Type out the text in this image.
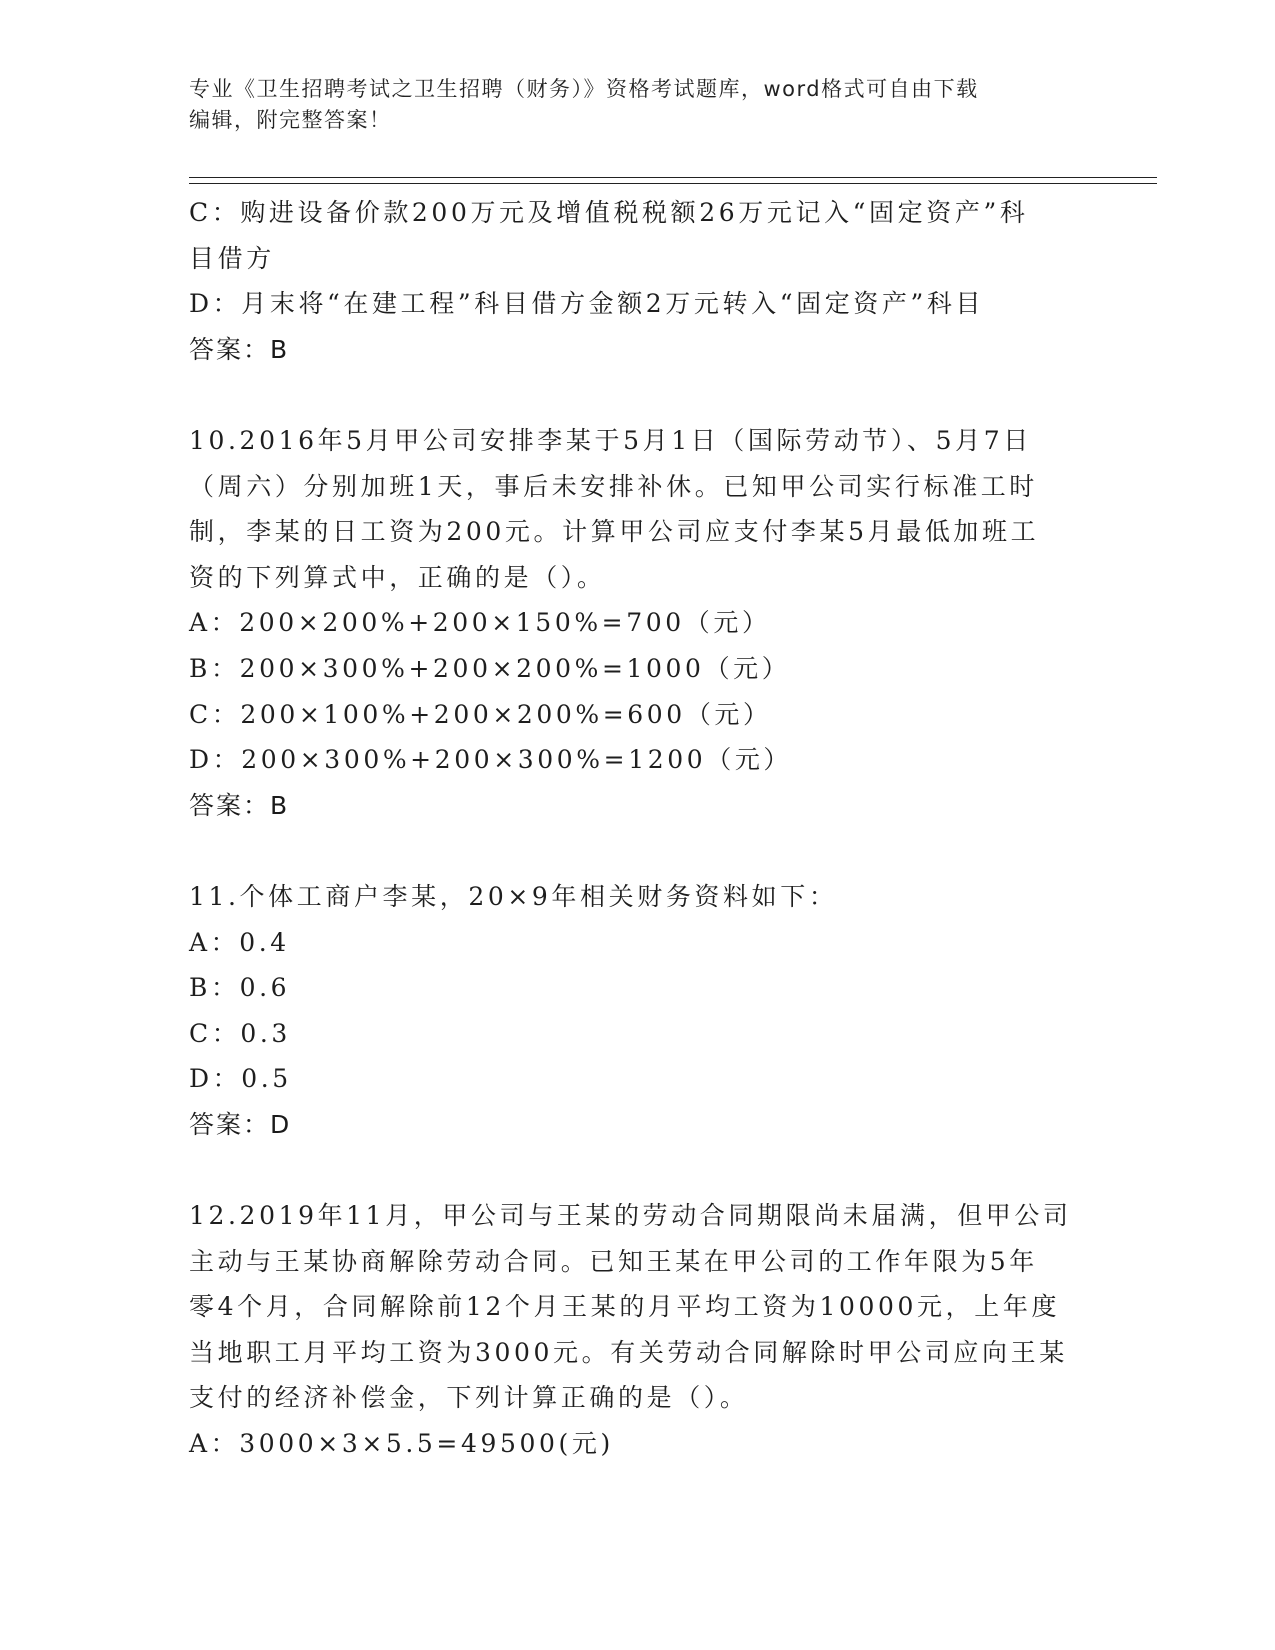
专业《卫生招聘考试之卫生招聘（财务）》资格考试题库，word格式可自由下载
编辑，附完整答案！
C：购进设备价款200万元及增值税税额26万元记入“固定资产”科
目借方
D：月末将“在建工程”科目借方金额2万元转入“固定资产”科目
答案：B
10.2016年5月甲公司安排李某于5月1日（国际劳动节）、5月7日
（周六）分别加班1天，事后未安排补休。已知甲公司实行标准工时
制，李某的日工资为200元。计算甲公司应支付李某5月最低加班工
资的下列算式中，正确的是（）。
A：200×200%+200×150%=700（元）
B：200×300%+200×200%=1000（元）
C：200×100%+200×200%=600（元）
D：200×300%+200×300%=1200（元）
答案：B
11.个体工商户李某，20×9年相关财务资料如下：
A：0.4
B：0.6
C：0.3
D：0.5
答案：D
12.2019年11月，甲公司与王某的劳动合同期限尚未届满，但甲公司
主动与王某协商解除劳动合同。已知王某在甲公司的工作年限为5年
零4个月，合同解除前12个月王某的月平均工资为10000元，上年度
当地职工月平均工资为3000元。有关劳动合同解除时甲公司应向王某
支付的经济补偿金，下列计算正确的是（）。
A：3000×3×5.5=49500(元)
